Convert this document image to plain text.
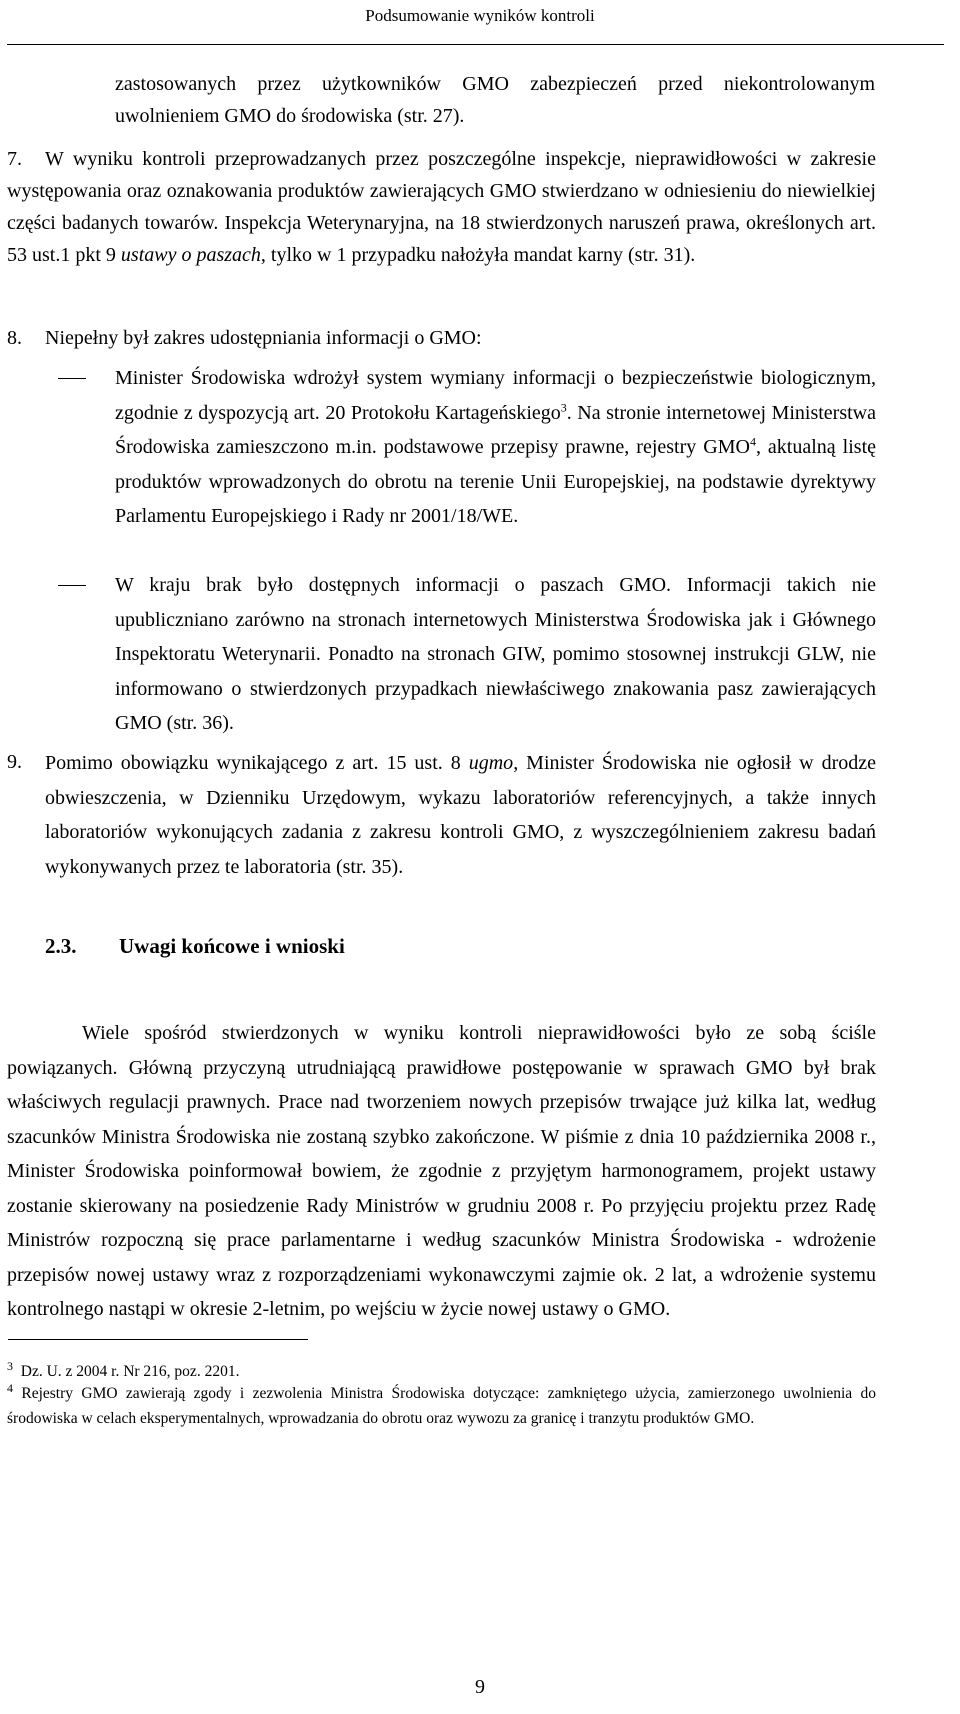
Podsumowanie wyników kontroli

zastosowanych przez użytkowników GMO zabezpieczeń przed niekontrolowanym uwolnieniem GMO do środowiska (str. 27).

7.	W wyniku kontroli przeprowadzanych przez poszczególne inspekcje, nieprawidłowości w zakresie występowania oraz oznakowania produktów zawierających GMO stwierdzano w odniesieniu do niewielkiej części badanych towarów. Inspekcja Weterynaryjna, na 18 stwierdzonych naruszeń prawa, określonych art. 53 ust.1 pkt 9 ustawy o paszach, tylko w 1 przypadku nałożyła mandat karny (str. 31).

8. Niepełny był zakres udostępniania informacji o GMO:

Minister Środowiska wdrożył system wymiany informacji o bezpieczeństwie biologicznym, zgodnie z dyspozycją art. 20 Protokołu Kartageńskiego$^3$. Na stronie internetowej Ministerstwa Środowiska zamieszczono m.in. podstawowe przepisy prawne, rejestry GMO$^4$, aktualną listę produktów wprowadzonych do obrotu na terenie Unii Europejskiej, na podstawie dyrektywy Parlamentu Europejskiego i Rady nr 2001/18/WE.

W kraju brak było dostępnych informacji o paszach GMO. Informacji takich nie upubliczniano zarówno na stronach internetowych Ministerstwa Środowiska jak i Głównego Inspektoratu Weterynarii. Ponadto na stronach GIW, pomimo stosownej instrukcji GLW, nie informowano o stwierdzonych przypadkach niewłaściwego znakowania pasz zawierających GMO (str. 36).

9. Pomimo obowiązku wynikającego z art. 15 ust. 8 ugmo, Minister Środowiska nie ogłosił w drodze obwieszczenia, w Dzienniku Urzędowym, wykazu laboratoriów referencyjnych, a także innych laboratoriów wykonujących zadania z zakresu kontroli GMO, z wyszczególnieniem zakresu badań wykonywanych przez te laboratoria (str. 35).

2.3. Uwagi końcowe i wnioski

Wiele spośród stwierdzonych w wyniku kontroli nieprawidłowości było ze sobą ściśle powiązanych. Główną przyczyną utrudniającą prawidłowe postępowanie w sprawach GMO był brak właściwych regulacji prawnych. Prace nad tworzeniem nowych przepisów trwające już kilka lat, według szacunków Ministra Środowiska nie zostaną szybko zakończone. W piśmie z dnia 10 października 2008 r., Minister Środowiska poinformował bowiem, że zgodnie z przyjętym harmonogramem, projekt ustawy zostanie skierowany na posiedzenie Rady Ministrów w grudniu 2008 r. Po przyjęciu projektu przez Radę Ministrów rozpoczną się prace parlamentarne i według szacunków Ministra Środowiska - wdrożenie przepisów nowej ustawy wraz z rozporządzeniami wykonawczymi zajmie ok. 2 lat, a wdrożenie systemu kontrolnego nastąpi w okresie 2-letnim, po wejściu w życie nowej ustawy o GMO.

$^3$ Dz. U. z 2004 r. Nr 216, poz. 2201.

$^4$ Rejestry GMO zawierają zgody i zezwolenia Ministra Środowiska dotyczące: zamkniętego użycia, zamierzonego uwolnienia do środowiska w celach eksperymentalnych, wprowadzania do obrotu oraz wywozu za granicę i tranzytu produktów GMO.

9
